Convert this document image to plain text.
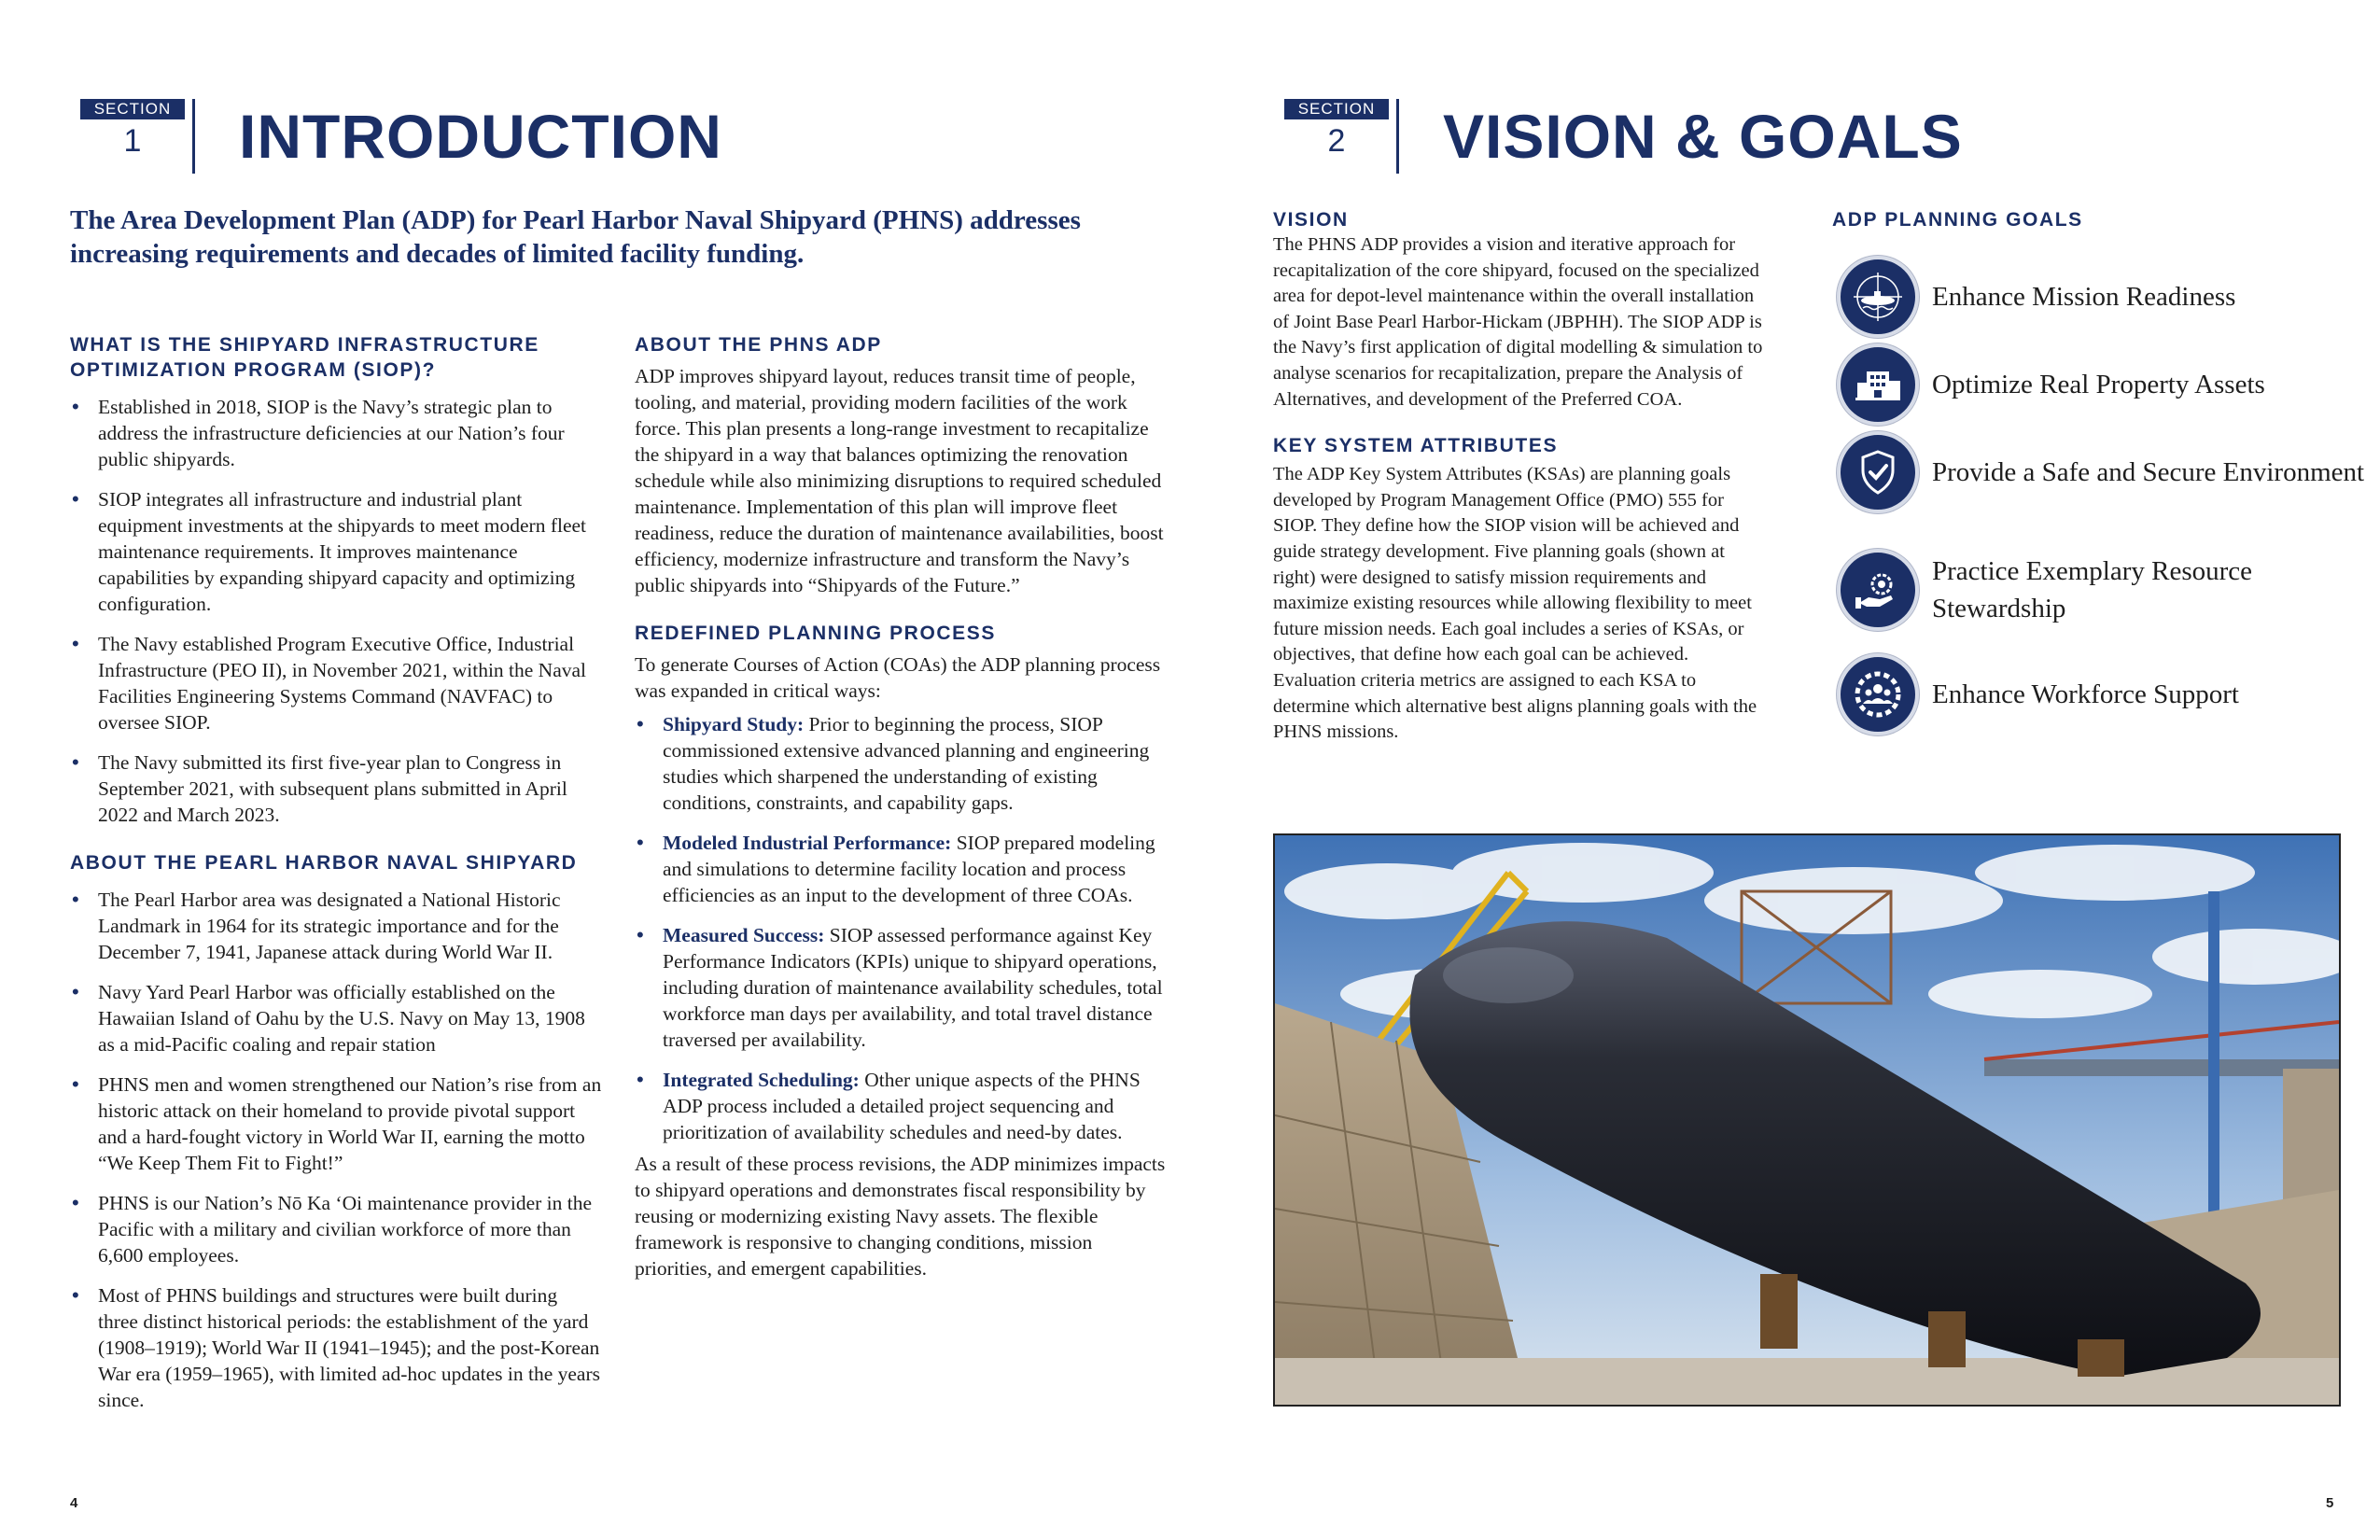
SECTION
1	INTRODUCTION
The Area Development Plan (ADP) for Pearl Harbor Naval Shipyard (PHNS) addresses increasing requirements and decades of limited facility funding.
WHAT IS THE SHIPYARD INFRASTRUCTURE OPTIMIZATION PROGRAM (SIOP)?
• Established in 2018, SIOP is the Navy’s strategic plan to address the infrastructure deficiencies at our Nation’s four public shipyards.
• SIOP integrates all infrastructure and industrial plant equipment investments at the shipyards to meet modern fleet maintenance requirements. It improves maintenance capabilities by expanding shipyard capacity and optimizing configuration.
• The Navy established Program Executive Office, Industrial Infrastructure (PEO II), in November 2021, within the Naval Facilities Engineering Systems Command (NAVFAC) to oversee SIOP.
• The Navy submitted its first five-year plan to Congress in September 2021, with subsequent plans submitted in April 2022 and March 2023.
ABOUT THE PEARL HARBOR NAVAL SHIPYARD
• The Pearl Harbor area was designated a National Historic Landmark in 1964 for its strategic importance and for the December 7, 1941, Japanese attack during World War II.
• Navy Yard Pearl Harbor was officially established on the Hawaiian Island of Oahu by the U.S. Navy on May 13, 1908 as a mid-Pacific coaling and repair station
• PHNS men and women strengthened our Nation’s rise from an historic attack on their homeland to provide pivotal support and a hard-fought victory in World War II, earning the motto “We Keep Them Fit to Fight!”
• PHNS is our Nation’s Nō Ka ‘Oi maintenance provider in the Pacific with a military and civilian workforce of more than 6,600 employees.
• Most of PHNS buildings and structures were built during three distinct historical periods: the establishment of the yard (1908–1919); World War II (1941–1945); and the post-Korean War era (1959–1965), with limited ad-hoc updates in the years since.
ABOUT THE PHNS ADP

ADP improves shipyard layout, reduces transit time of people, tooling, and material, providing modern facilities of the work force. This plan presents a long-range investment to recapitalize the shipyard in a way that balances optimizing the renovation schedule while also minimizing disruptions to required scheduled maintenance. Implementation of this plan will improve fleet readiness, reduce the duration of maintenance availabilities, boost efficiency, modernize infrastructure and transform the Navy’s public shipyards into “Shipyards of the Future.”

REDEFINED PLANNING PROCESS

To generate Courses of Action (COAs) the ADP planning process was expanded in critical ways:

• Shipyard Study: Prior to beginning the process, SIOP commissioned extensive advanced planning and engineering studies which sharpened the understanding of existing conditions, constraints, and capability gaps.
• Modeled Industrial Performance: SIOP prepared modeling and simulations to determine facility location and process efficiencies as an input to the development of three COAs.
• Measured Success: SIOP assessed performance against Key Performance Indicators (KPIs) unique to shipyard operations, including duration of maintenance availability schedules, total workforce man days per availability, and total travel distance traversed per availability.
• Integrated Scheduling: Other unique aspects of the PHNS ADP process included a detailed project sequencing and prioritization of availability schedules and need-by dates.

As a result of these process revisions, the ADP minimizes impacts to shipyard operations and demonstrates fiscal responsibility by reusing or modernizing existing Navy assets. The flexible framework is responsive to changing conditions, mission priorities, and emergent capabilities.

4
SECTION
2	VISION & GOALS
VISION

The PHNS ADP provides a vision and iterative approach for recapitalization of the core shipyard, focused on the specialized area for depot-level maintenance within the overall installation of Joint Base Pearl Harbor-Hickam (JBPHH). The SIOP ADP is the Navy’s first application of digital modelling & simulation to analyse scenarios for recapitalization, prepare the Analysis of Alternatives, and development of the Preferred COA.

KEY SYSTEM ATTRIBUTES

The ADP Key System Attributes (KSAs) are planning goals developed by Program Management Office (PMO) 555 for SIOP. They define how the SIOP vision will be achieved and guide strategy development. Five planning goals (shown at right) were designed to satisfy mission requirements and maximize existing resources while allowing flexibility to meet future mission needs. Each goal includes a series of KSAs, or objectives, that define how each goal can be achieved. Evaluation criteria metrics are assigned to each KSA to determine which alternative best aligns planning goals with the PHNS missions.

ADP PLANNING GOALS
Enhance Mission Readiness
Optimize Real Property Assets
Provide a Safe and Secure Environment
Practice Exemplary Resource Stewardship
Enhance Workforce Support
5
